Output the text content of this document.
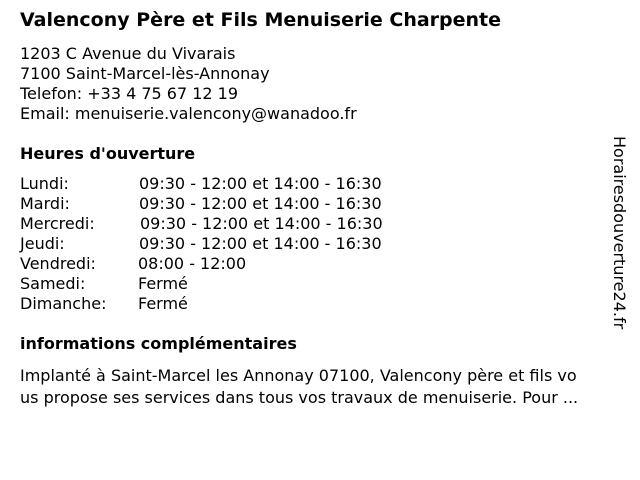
Valencony Père et Fils Menuiserie Charpente
1203 C Avenue du Vivarais
7100 Saint-Marcel-lès-Annonay
Telefon: +33 4 75 67 12 19
Email: menuiserie.valencony@wanadoo.fr
Heures d'ouverture
Lundi:	09:30 - 12:00 et 14:00 - 16:30
Mardi:	09:30 - 12:00 et 14:00 - 16:30
Mercredi:	09:30 - 12:00 et 14:00 - 16:30
Jeudi:	09:30 - 12:00 et 14:00 - 16:30
Vendredi:	08:00 - 12:00
Samedi:	Fermé
Dimanche: Fermé
informations complémentaires
Implanté à Saint-Marcel les Annonay 07100, Valencony père et fils vo
us propose ses services dans tous vos travaux de menuiserie. Pour ...
Horairesdouverture24.fr
